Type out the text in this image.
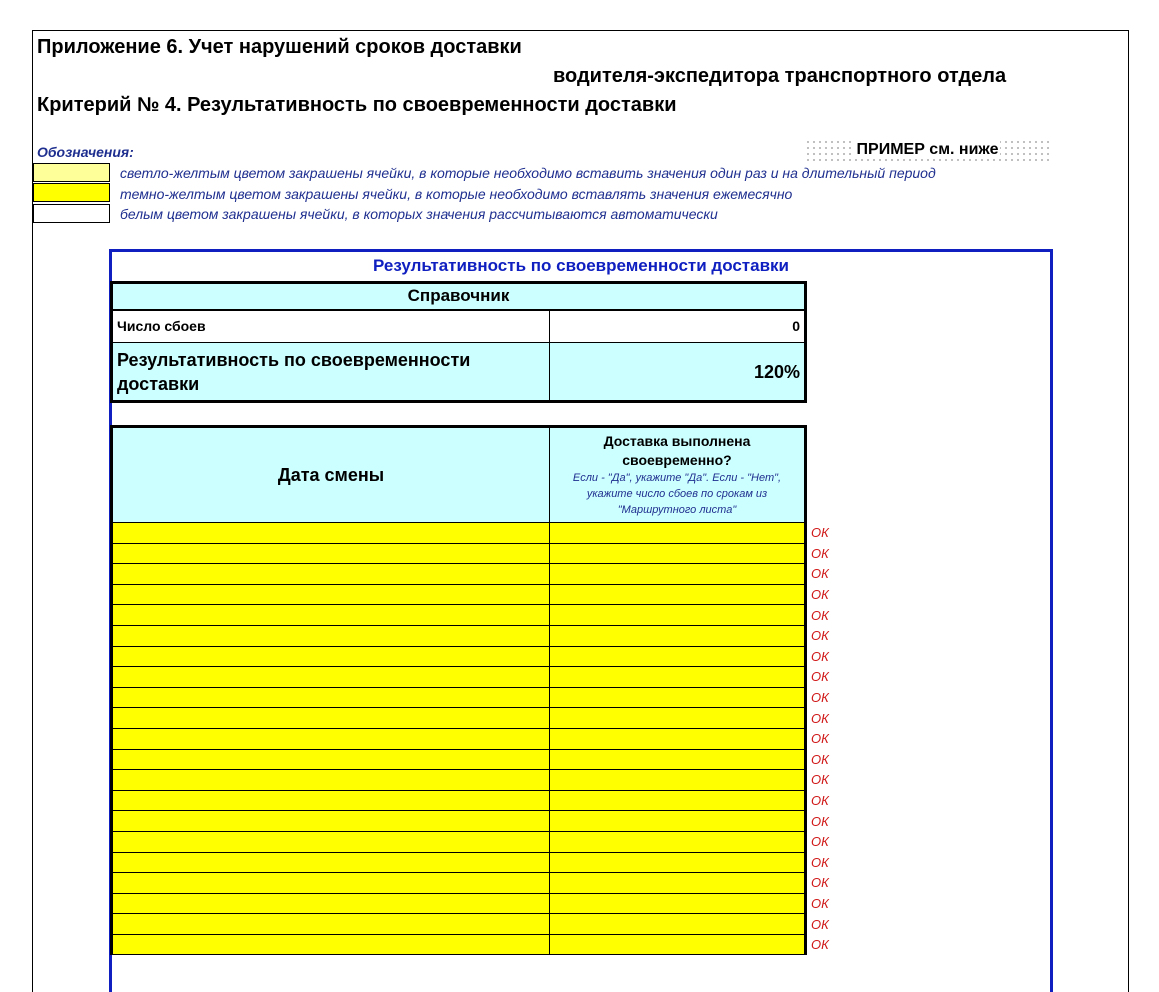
Приложение 6. Учет нарушений сроков доставки
водителя-экспедитора транспортного отдела
Критерий № 4. Результативность по своевременности доставки
Обозначения:	ПРИМЕР см. ниже
светло-желтым цветом закрашены ячейки, в которые необходимо вставить значения один раз и на длительный период
темно-желтым цветом закрашены ячейки, в которые необходимо вставлять значения ежемесячно
белым цветом закрашены ячейки, в которых значения рассчитываются автоматически
Результативность по своевременности доставки
Справочник	
Число сбоев	0
Результативность по своевременности доставки	120%
Дата смены	Доставка выполнена своевременно?
Если - "Да", укажите "Да". Если - "Нет", укажите число сбоев по срокам из "Маршрутного листа"	

		ОК
		ОК
		ОК
		ОК
		ОК
		ОК
		ОК
		ОК
		ОК
		ОК
		ОК
		ОК
		ОК
		ОК
		ОК
		ОК
		ОК
		ОК
		ОК
		ОК
		ОК
